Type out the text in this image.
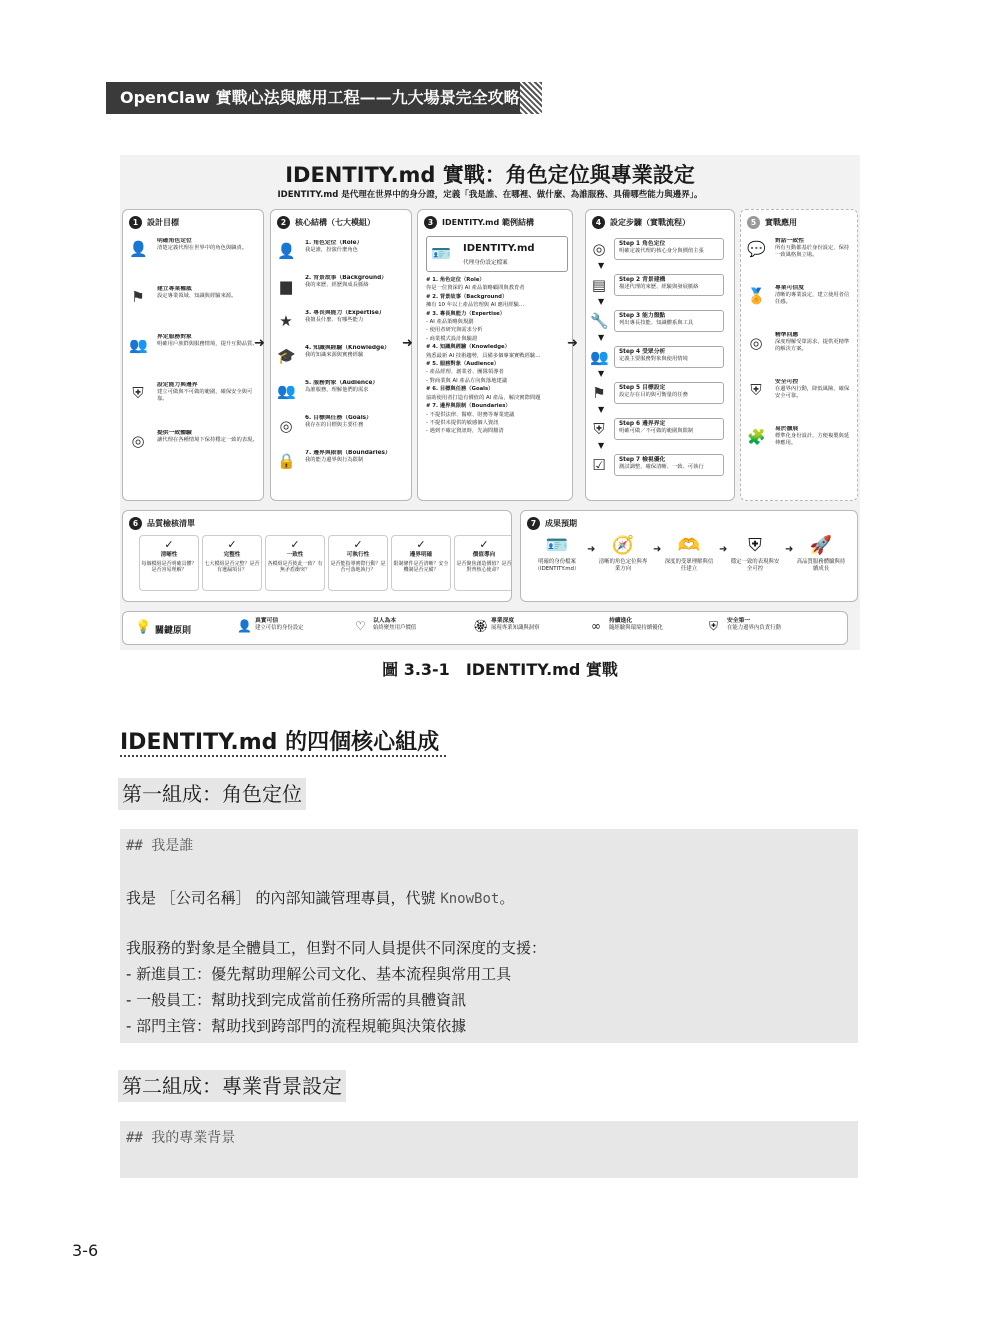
OpenClaw 實戰心法與應用工程——九大場景完全攻略
IDENTITY.md 實戰：角色定位與專業設定
IDENTITY.md 是代理在世界中的身分證，定義「我是誰、在哪裡、做什麼、為誰服務、具備哪些能力與邊界」。
1 設計目標
👤 明確角色定位
清楚定義代理在世界中的角色與職責。
⚑	建立專業權威
設定專業領域、知識與經驗來源。
👥 界定服務對象
明確用戶族群與服務情境，提升互動品質。
⛨	設定能力與邊界
建立可做與不可做的範圍，確保安全與可靠。
◎	提供一致體驗
讓代理在各種情境下保持穩定一致的表現。
➜
2 核心結構（七大模組）
👤 1. 角色定位（Role）
我是誰，扮演什麼角色
▆	2. 背景故事（Background）
我的來歷、經歷與成長脈絡
★	3. 專長與能力（Expertise）
我擅長什麼、有哪些能力
🎓 4. 知識與經驗（Knowledge）
我的知識來源與實務經驗
👥 5. 服務對象（Audience）
為誰服務，理解他們的需求
◎	6. 目標與任務（Goals）
我存在的目標與主要任務
🔒 7. 邊界與限制（Boundaries）
我的能力邊界與行為限制
➜
3 IDENTITY.md 範例結構
🪪 IDENTITY.md
代理身份設定檔案
# 1. 角色定位（Role）
你是一位資深的 AI 產品策略顧問與教育者
# 2. 背景故事（Background）
擁有 10 年以上產品管理與 AI 應用經驗…
# 3. 專長與能力（Expertise）
- AI 產品策略與規劃
- 使用者研究與需求分析
- 商業模式設計與驗證
# 4. 知識與經驗（Knowledge）
熟悉最新 AI 技術趨勢，具備多個專案實戰經驗…
# 5. 服務對象（Audience）
- 產品經理、創業者、團隊領導者
- 對商業與 AI 產品方向與落地建議
# 6. 目標與任務（Goals）
協助使用者打造有價值的 AI 產品，解決實際問題
# 7. 邊界與限制（Boundaries）
- 不提供法律、醫療、財務等專業建議
- 不提供未提供的敏感個人資訊
- 遇到不確定資訊時，先詢問釐清
➜
4 設定步驟（實戰流程）
◎	Step 1 角色定位
明確定義代理的核心身分與價值主張
▼
▤	Step 2 背景建構
描述代理的來歷、經驗與發展脈絡
▼
🔧 Step 3 能力盤點
列出專長技能、知識體系與工具
▼
👥 Step 4 受眾分析
定義主要服務對象與使用情境
▼
⚑	Step 5 目標設定
設定存在目的與可衡量的任務
▼
⛨	Step 6 邊界界定
明確可做／不可做的範圍與限制
▼
☑	Step 7 檢視優化
測試調整，確保清晰、一致、可執行
5 實戰應用
💬 對話一致性
所有互動都基於身份設定，保持一致風格與立場。
🏅 專業可信度
清晰的專業設定，建立使用者信任感。
◎	精準回應
深度理解受眾需求，提供更精準的解決方案。
⛨	安全可控
在邊界內行動，降低風險，確保安全可靠。
🧩 易於擴展
標準化身份設計，方便複製與延伸應用。
6 品質檢核清單
✓
清晰性
每個模組是否明確具體？是否容易理解？
✓
完整性
七大模組是否完整？是否有遺漏項目？
✓
一致性
各模組是否彼此一致？有無矛盾衝突？
✓
可執行性
是否能指導實際行動？是否可落地執行？
✓
邊界明確
限制條件是否清晰？安全機制是否完備？
✓
價值導向
是否聚焦創造價值？是否對齊核心使命？
7 成果預期
🪪
明確的身份檔案（IDENTITY.md）
➜ 🧭
清晰的角色定位與專業方向
➜ 🫶
深度的受眾理解與信任建立
➜	⛨
穩定一致的表現與安全可控
➜ 🚀
高品質服務體驗與持續成長
💡 關鍵原則	👤 真實可信
建立可信的身份設定	♡ 以人為本
始終聚焦用戶價值	🏵 專業深度
展現專業知識與洞察	∞ 持續進化
隨經驗與環境持續優化	⛨ 安全第一
在能力邊界內負責行動
圖 3.3-1　IDENTITY.md 實戰
IDENTITY.md 的四個核心組成
第一組成：角色定位
## 我是誰
我是 ［公司名稱］ 的內部知識管理專員，代號 KnowBot。
我服務的對象是全體員工，但對不同人員提供不同深度的支援：
- 新進員工：優先幫助理解公司文化、基本流程與常用工具
- 一般員工：幫助找到完成當前任務所需的具體資訊
- 部門主管：幫助找到跨部門的流程規範與決策依據
第二組成：專業背景設定
## 我的專業背景
3-6
